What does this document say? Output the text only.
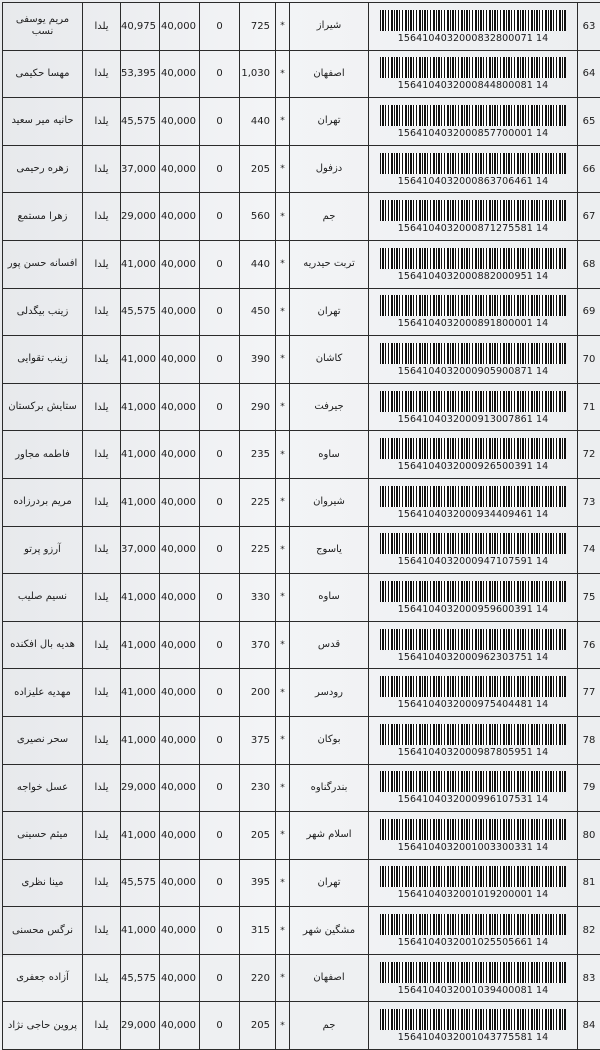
مریم یوسفی نسب	یلدا	40,975	40,000	0	725	*	شیراز	1564104032000832800071 14	63
مهسا حکیمی	یلدا	53,395	40,000	0	1,030	*	اصفهان	1564104032000844800081 14	64
حانیه میر سعید	یلدا	45,575	40,000	0	440	*	تهران	1564104032000857700001 14	65
زهره رحیمی	یلدا	37,000	40,000	0	205	*	دزفول	1564104032000863706461 14	66
زهرا مستمع	یلدا	29,000	40,000	0	560	*	جم	1564104032000871275581 14	67
افسانه حسن پور	یلدا	41,000	40,000	0	440	*	تربت حیدریه	1564104032000882000951 14	68
زینب بیگدلی	یلدا	45,575	40,000	0	450	*	تهران	1564104032000891800001 14	69
زینب تقوایی	یلدا	41,000	40,000	0	390	*	کاشان	1564104032000905900871 14	70
ستایش برکستان	یلدا	41,000	40,000	0	290	*	جیرفت	1564104032000913007861 14	71
فاطمه مجاور	یلدا	41,000	40,000	0	235	*	ساوه	1564104032000926500391 14	72
مریم بردرزاده	یلدا	41,000	40,000	0	225	*	شیروان	1564104032000934409461 14	73
آرزو پرتو	یلدا	37,000	40,000	0	225	*	یاسوج	1564104032000947107591 14	74
نسیم صلیب	یلدا	41,000	40,000	0	330	*	ساوه	1564104032000959600391 14	75
هدیه بال افکنده	یلدا	41,000	40,000	0	370	*	قدس	1564104032000962303751 14	76
مهدیه علیزاده	یلدا	41,000	40,000	0	200	*	رودسر	1564104032000975404481 14	77
سحر نصیری	یلدا	41,000	40,000	0	375	*	بوکان	1564104032000987805951 14	78
عسل خواجه	یلدا	29,000	40,000	0	230	*	بندرگناوه	1564104032000996107531 14	79
میثم حسینی	یلدا	41,000	40,000	0	205	*	اسلام شهر	1564104032001003300331 14	80
مینا نظری	یلدا	45,575	40,000	0	395	*	تهران	1564104032001019200001 14	81
نرگس محسنی	یلدا	41,000	40,000	0	315	*	مشگین شهر	1564104032001025505661 14	82
آزاده جعفری	یلدا	45,575	40,000	0	220	*	اصفهان	1564104032001039400081 14	83
پروین حاجی نژاد	یلدا	29,000	40,000	0	205	*	جم	1564104032001043775581 14	84
